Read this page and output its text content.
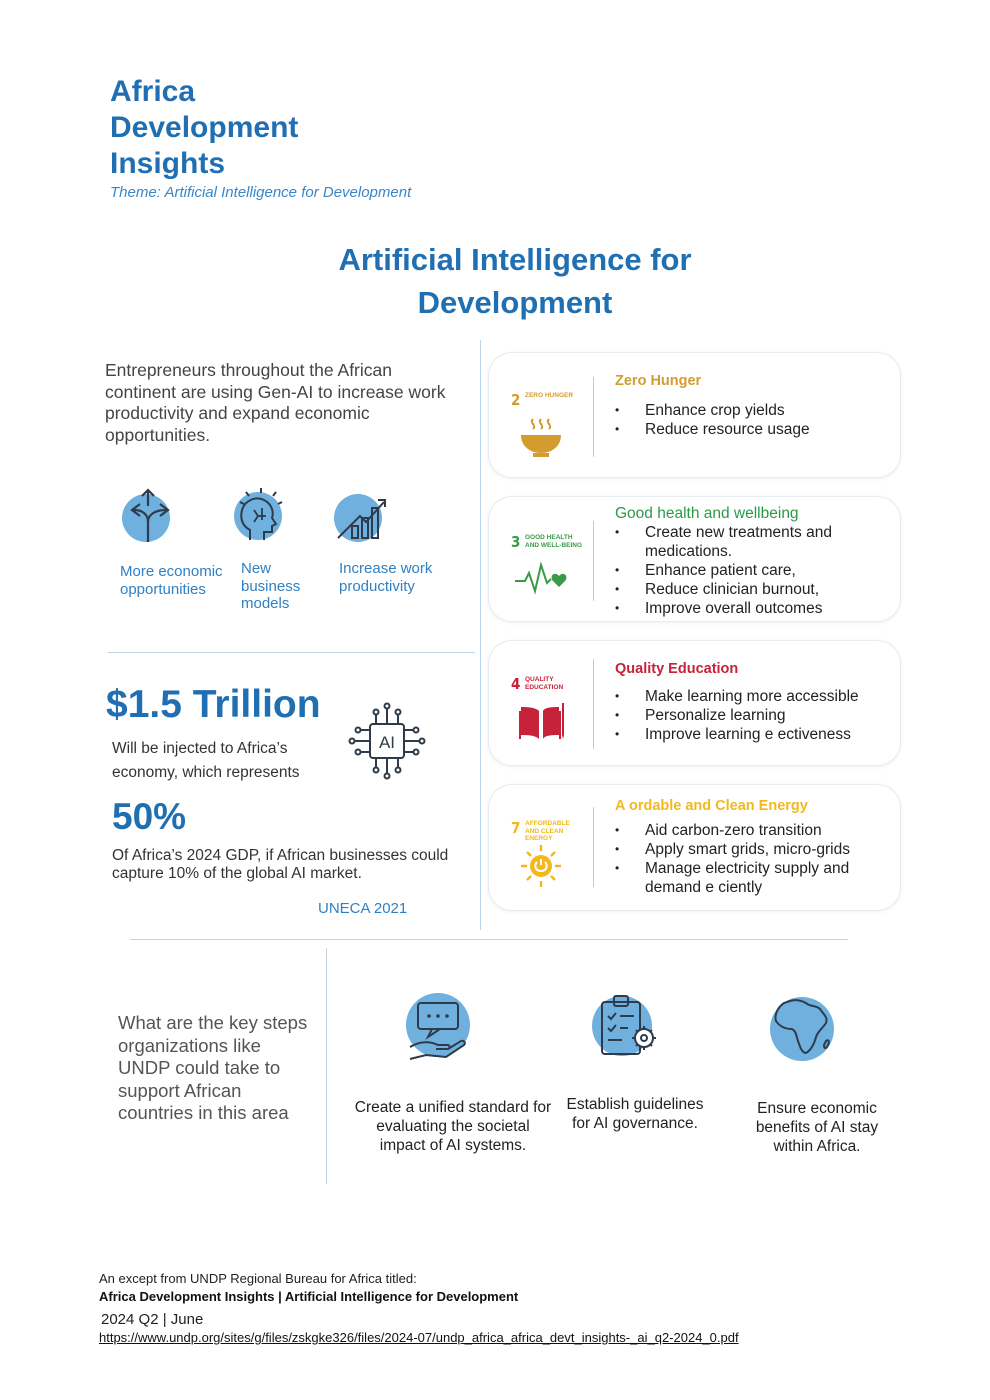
Africa
Development
Insights
Theme: Artificial Intelligence for Development
Artificial Intelligence for
Development
Entrepreneurs throughout the African continent are using Gen-AI to increase work productivity and expand economic opportunities.
More economic opportunities
New business models
Increase work productivity
$1.5 Trillion
Will be injected to Africa’s economy, which represents
AI
50%
Of Africa’s 2024 GDP, if African businesses could capture 10% of the global AI market.
UNECA 2021
2 ZERO HUNGER
Zero Hunger
• Enhance crop yields
• Reduce resource usage
3 GOOD HEALTH AND WELL-BEING
Good health and wellbeing
• Create new treatments and medications.
• Enhance patient care,
• Reduce clinician burnout,
• Improve overall outcomes
4 QUALITY EDUCATION
Quality Education
• Make learning more accessible
• Personalize learning
• Improve learning e ectiveness
7 AFFORDABLE AND CLEAN ENERGY
A ordable and Clean Energy
• Aid carbon-zero transition
• Apply smart grids, micro-grids
• Manage electricity supply and demand e ciently
What are the key steps organizations like UNDP could take to support African countries in this area	Create a unified standard for evaluating the societal impact of AI systems.
Establish guidelines for AI governance.
Ensure economic benefits of AI stay within Africa.
An except from UNDP Regional Bureau for Africa titled:
Africa Development Insights | Artificial Intelligence for Development
2024 Q2 | June
https://www.undp.org/sites/g/files/zskgke326/files/2024-07/undp_africa_africa_devt_insights-_ai_q2-2024_0.pdf
